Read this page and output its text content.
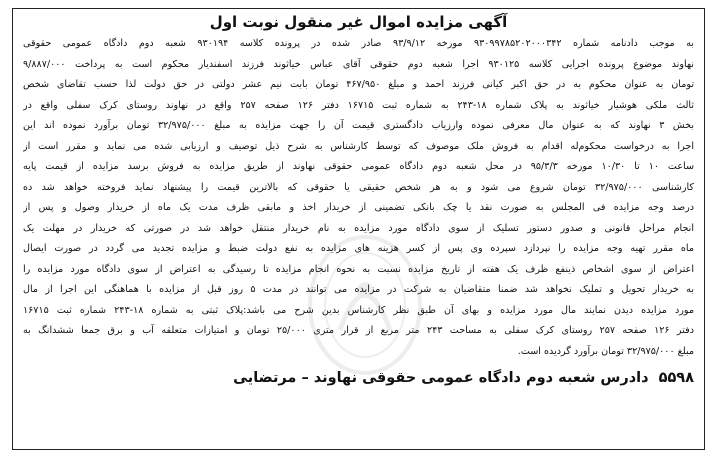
آگهی مزایده اموال غیر منقول نوبت اول
به موجب دادنامه شماره ۹۳۰۹۹۷۸۵۲۰۲۰۰۰۳۴۲ مورخه ۹۳/۹/۱۲ صادر شده در پرونده کلاسه ۹۳۰۱۹۴ شعبه دوم دادگاه عمومی حقوقی
نهاوند موضوع پرونده اجرایی کلاسه ۹۳۰۱۲۵ اجرا شعبه دوم حقوقی آقای عباس خیاثوند فرزند اسفندیار محکوم است به پرداخت ۹/۸۸۷/۰۰۰
تومان به عنوان محکوم به در حق اکبر کیانی فرزند احمد و مبلغ ۴۶۷/۹۵۰ تومان بابت نیم عشر دولتی در حق دولت لذا حسب تقاضای شخص
ثالث ملکی هوشیار خیاثوند به پلاک شماره ۱۸-۲۴۳ به شماره ثبت ۱۶۷۱۵ دفتر ۱۲۶ صفحه ۲۵۷ واقع در نهاوند روستای کرک سفلی واقع در
بخش ۳ نهاوند که به عنوان مال معرفی نموده وارزیاب دادگستری قیمت آن را جهت مزایده به مبلغ ۳۲/۹۷۵/۰۰۰ تومان برآورد نموده اند این
اجرا به درخواست محکوم‌له اقدام به فروش ملک موصوف که توسط کارشناس به شرح ذیل توصیف و ارزیابی شده می نماید و مقرر است از
ساعت ۱۰ تا ۱۰/۳۰ مورخه ۹۵/۳/۳ در محل شعبه دوم دادگاه عمومی حقوقی نهاوند از طریق مزایده به فروش برسد مزایده از قیمت پایه
کارشناسی ۳۲/۹۷۵/۰۰۰ تومان شروع می شود و به هر شخص حقیقی یا حقوقی که بالاترین قیمت را پیشنهاد نماید فروخته خواهد شد ده
درصد وجه مزایده فی المجلس به صورت نقد یا چک بانکی تضمینی از خریدار اخذ و مابقی ظرف مدت یک ماه از خریدار وصول و پس از
انجام مراحل قانونی و صدور دستور تسلیک از سوی دادگاه مورد مزایده به نام خریدار منتقل خواهد شد در صورتی که خریدار در مهلت یک
ماه مقرر تهیه وجه مزایده را نپردازد سپرده وی پس از کسر هزینه های مزایده به نفع دولت ضبط و مزایده تجدید می گردد در صورت ایصال
اعتراض از سوی اشخاص ذینفع ظرف یک هفته از تاریخ مزایده نسبت به نحوه انجام مزایده تا رسیدگی به اعتراض از سوی دادگاه مورد مزایده را
به خریدار تحویل و تملیک نخواهد شد ضمنا متقاضیان به شرکت در مزایده می توانند در مدت ۵ روز قبل از مزایده با هماهنگی این اجرا از مال
مورد مزایده دیدن نمایند مال مورد مزایده و بهای آن طبق نظر کارشناس بدین شرح می باشد:پلاک ثبتی به شماره ۱۸-۲۴۳ شماره ثبت ۱۶۷۱۵
دفتر ۱۲۶ صفحه ۲۵۷ روستای کرک سفلی به مساحت ۲۴۳ متر مربع از قرار متری ۲۵/۰۰۰ تومان و امتیازات متعلقه آب و برق جمعا ششدانگ به
مبلغ ۳۲/۹۷۵/۰۰۰ تومان برآورد گردیده است.
۵۵۹۸
دادرس شعبه دوم دادگاه عمومی حقوقی نهاوند – مرتضایی
